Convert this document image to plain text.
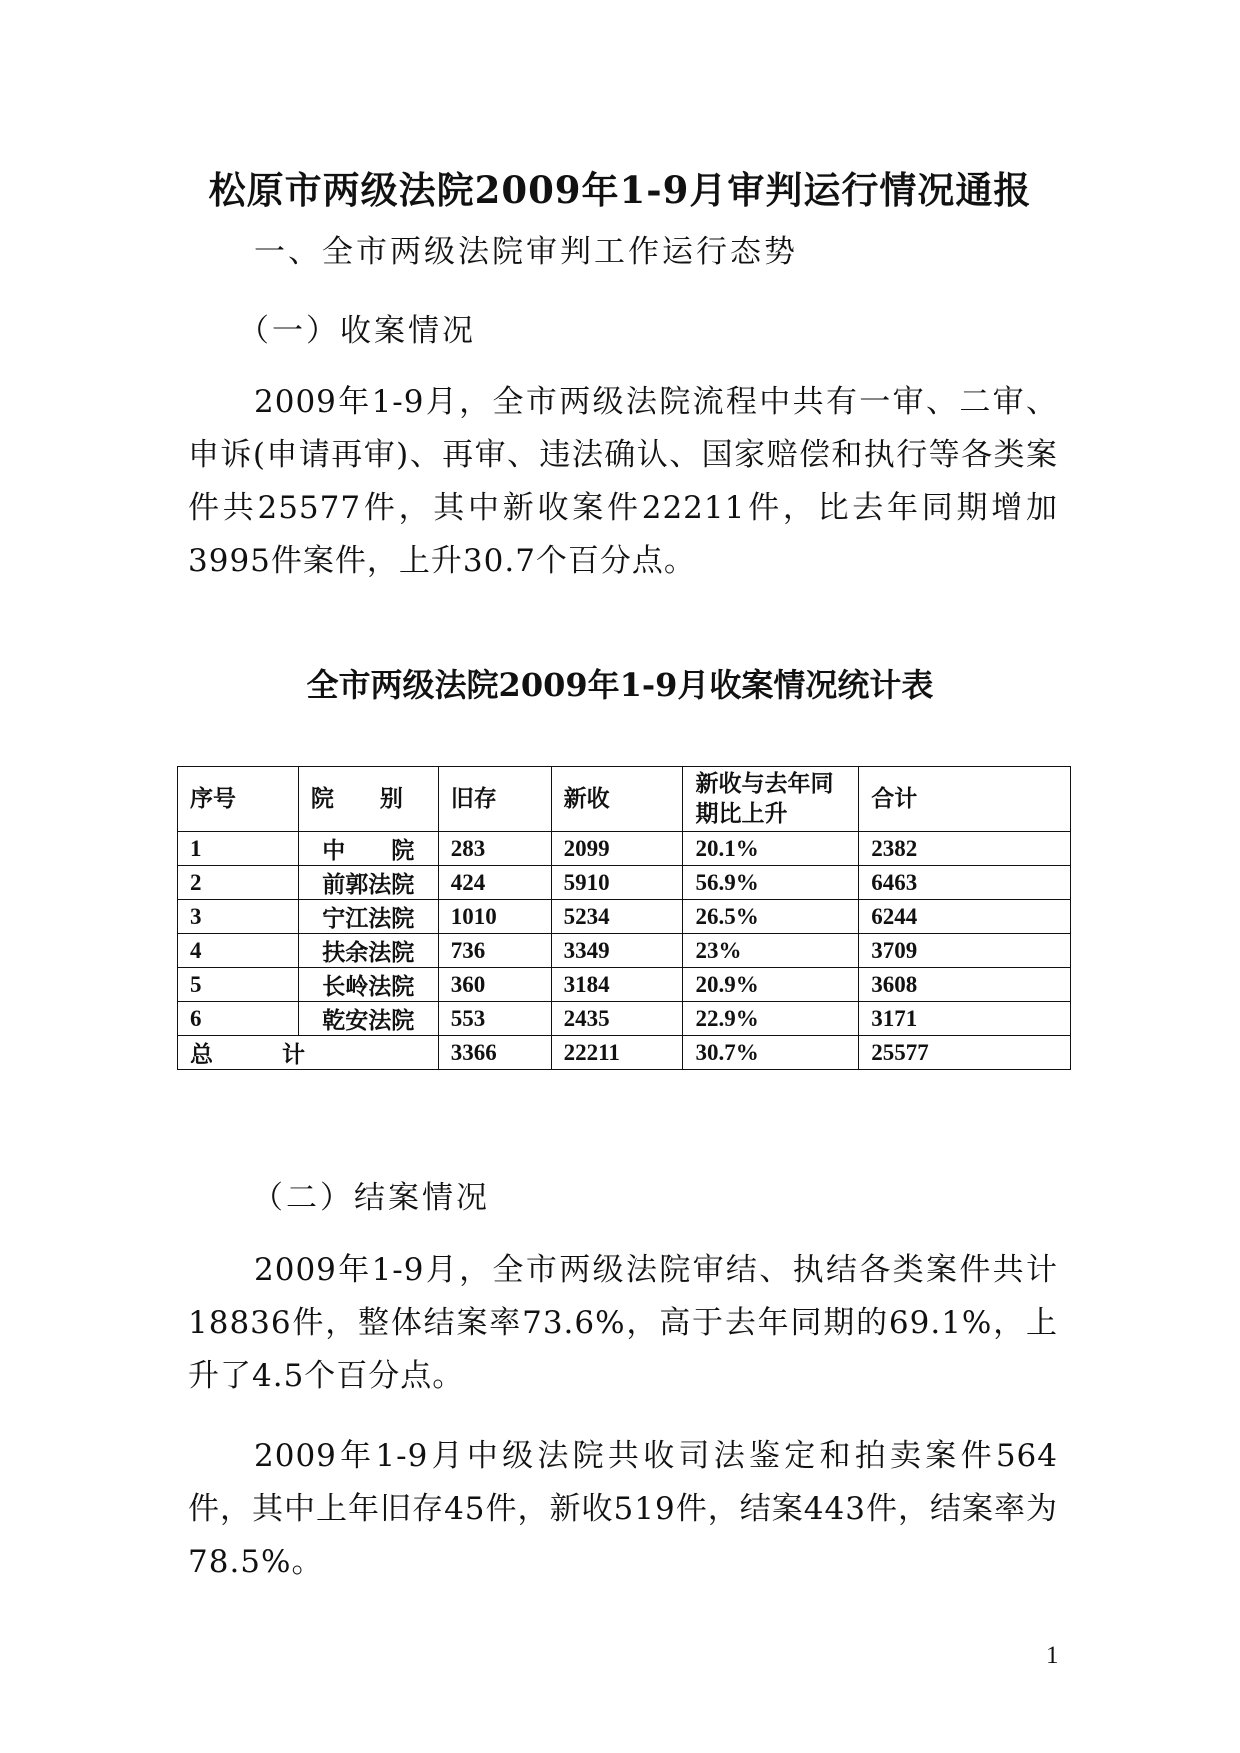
松原市两级法院2009年1-9月审判运行情况通报
一、全市两级法院审判工作运行态势
（一）收案情况
2009年1-9月，全市两级法院流程中共有一审、二审、申诉(申请再审)、再审、违法确认、国家赔偿和执行等各类案件共25577件，其中新收案件22211件，比去年同期增加3995件案件，上升30.7个百分点。
全市两级法院2009年1-9月收案情况统计表
序号	院　　别	旧存	新收	新收与去年同期比上升	合计
1	中　　院	283	2099	20.1%	2382
2	前郭法院	424	5910	56.9%	6463
3	宁江法院	1010	5234	26.5%	6244
4	扶余法院	736	3349	23%	3709
5	长岭法院	360	3184	20.9%	3608
6	乾安法院	553	2435	22.9%	3171
总　　　计		3366	22211	30.7%	25577
（二）结案情况
2009年1-9月，全市两级法院审结、执结各类案件共计18836件，整体结案率73.6%，高于去年同期的69.1%，上升了4.5个百分点。
2009年1-9月中级法院共收司法鉴定和拍卖案件564件，其中上年旧存45件，新收519件，结案443件，结案率为78.5%。
1
